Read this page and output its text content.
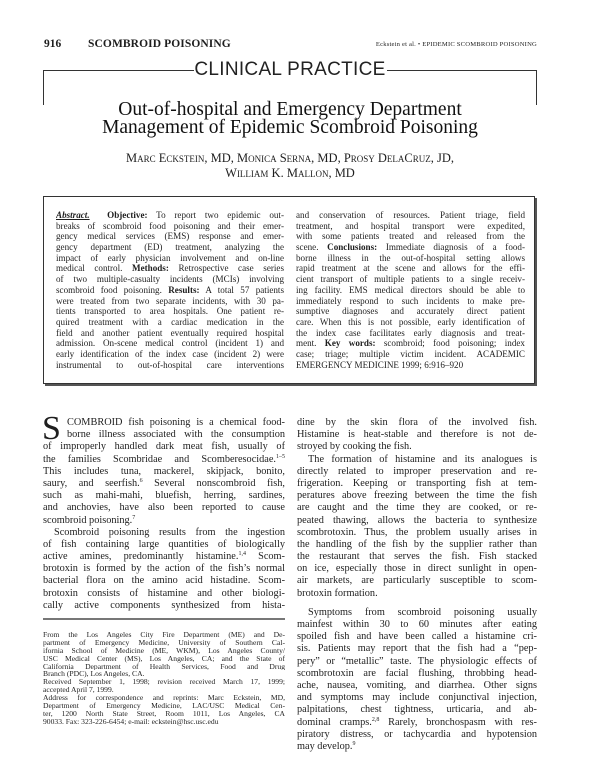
916 SCOMBROID POISONING	Eckstein et al. • EPIDEMIC SCOMBROID POISONING
CLINICAL PRACTICE
Out-of-hospital and Emergency Department
Management of Epidemic Scombroid Poisoning
Marc Eckstein, MD, Monica Serna, MD, Prosy DelaCruz, JD,
William K. Mallon, MD
Abstract. Objective: To report two epidemic out-
breaks of scombroid food poisoning and their emer-
gency medical services (EMS) response and emer-
gency department (ED) treatment, analyzing the
impact of early physician involvement and on-line
medical control. Methods: Retrospective case series
of two multiple-casualty incidents (MCIs) involving
scombroid food poisoning. Results: A total 57 patients
were treated from two separate incidents, with 30 pa-
tients transported to area hospitals. One patient re-
quired treatment with a cardiac medication in the
field and another patient eventually required hospital
admission. On-scene medical control (incident 1) and
early identification of the index case (incident 2) were
instrumental to out-of-hospital care interventions
and conservation of resources. Patient triage, field
treatment, and hospital transport were expedited,
with some patients treated and released from the
scene. Conclusions: Immediate diagnosis of a food-
borne illness in the out-of-hospital setting allows
rapid treatment at the scene and allows for the effi-
cient transport of multiple patients to a single receiv-
ing facility. EMS medical directors should be able to
immediately respond to such incidents to make pre-
sumptive diagnoses and accurately direct patient
care. When this is not possible, early identification of
the index case facilitates early diagnosis and treat-
ment. Key words: scombroid; food poisoning; index
case; triage; multiple victim incident. ACADEMIC
EMERGENCY MEDICINE 1999; 6:916–920
COMBROID fish poisoning is a chemical food-
borne illness associated with the consumption
of improperly handled dark meat fish, usually of
the families Scombridae and Scomberesocidae.$^{1-5}$
This includes tuna, mackerel, skipjack, bonito,
saury, and seerfish.$^6$ Several nonscombroid fish,
such as mahi-mahi, bluefish, herring, sardines,
and anchovies, have also been reported to cause
scombroid poisoning.$^7$
S
Scombroid poisoning results from the ingestion
of fish containing large quantities of biologically
active amines, predominantly histamine.$^{1,4}$ Scom-
brotoxin is formed by the action of the fish’s normal
bacterial flora on the amino acid histadine. Scom-
brotoxin consists of histamine and other biologi-
cally active components synthesized from hista-
dine by the skin flora of the involved fish.
Histamine is heat-stable and therefore is not de-
stroyed by cooking the fish.
The formation of histamine and its analogues is
directly related to improper preservation and re-
frigeration. Keeping or transporting fish at tem-
peratures above freezing between the time the fish
are caught and the time they are cooked, or re-
peated thawing, allows the bacteria to synthesize
scombrotoxin. Thus, the problem usually arises in
the handling of the fish by the supplier rather than
the restaurant that serves the fish. Fish stacked
on ice, especially those in direct sunlight in open-
air markets, are particularly susceptible to scom-
brotoxin formation.
Symptoms from scombroid poisoning usually
mainfest within 30 to 60 minutes after eating
spoiled fish and have been called a histamine cri-
sis. Patients may report that the fish had a “pep-
pery” or “metallic” taste. The physiologic effects of
scombrotoxin are facial flushing, throbbing head-
ache, nausea, vomiting, and diarrhea. Other signs
and symptoms may include conjunctival injection,
palpitations, chest tightness, urticaria, and ab-
dominal cramps.$^{2,8}$ Rarely, bronchospasm with res-
piratory distress, or tachycardia and hypotension
may develop.$^9$
From the Los Angeles City Fire Department (ME) and De-
partment of Emergency Medicine, University of Southern Cal-
ifornia School of Medicine (ME, WKM), Los Angeles County/
USC Medical Center (MS), Los Angeles, CA; and the State of
California Department of Health Services, Food and Drug
Branch (PDC), Los Angeles, CA.
Received September 1, 1998; revision received March 17, 1999;
accepted April 7, 1999.
Address for correspondence and reprints: Marc Eckstein, MD,
Department of Emergency Medicine, LAC/USC Medical Cen-
ter, 1200 North State Street, Room 1011, Los Angeles, CA
90033. Fax: 323-226-6454; e-mail: eckstein@hsc.usc.edu
